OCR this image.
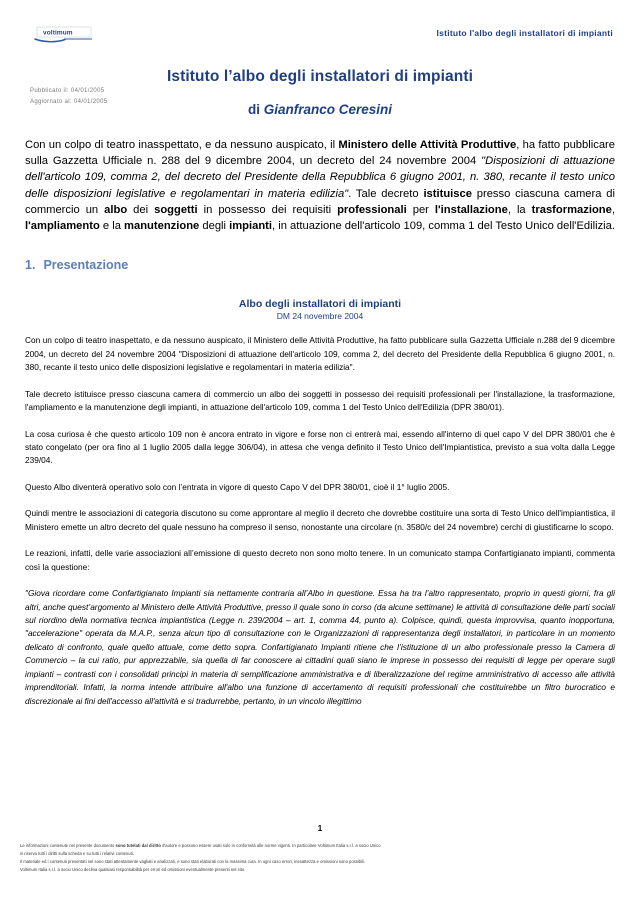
voltimum	Istituto l'albo degli installatori di impianti
Istituto l’albo degli installatori di impianti
di Gianfranco Ceresini
Pubblicato il: 04/01/2005
Aggiornato al: 04/01/2005
Con un colpo di teatro inasspettato, e da nessuno auspicato, il Ministero delle Attività Produttive, ha fatto pubblicare sulla Gazzetta Ufficiale n. 288 del 9 dicembre 2004, un decreto del 24 novembre 2004 "Disposizioni di attuazione dell'articolo 109, comma 2, del decreto del Presidente della Repubblica 6 giugno 2001, n. 380, recante il testo unico delle disposizioni legislative e regolamentari in materia edilizia". Tale decreto istituisce presso ciascuna camera di commercio un albo dei soggetti in possesso dei requisiti professionali per l'installazione, la trasformazione, l'ampliamento e la manutenzione degli impianti, in attuazione dell'articolo 109, comma 1 del Testo Unico dell'Edilizia.
1. Presentazione
Albo degli installatori di impianti
DM 24 novembre 2004

Con un colpo di teatro inaspettato, e da nessuno auspicato, il Ministero delle Attività Produttive, ha fatto pubblicare sulla Gazzetta Ufficiale n.288 del 9 dicembre 2004, un decreto del 24 novembre 2004 "Disposizioni di attuazione dell'articolo 109, comma 2, del decreto del Presidente della Repubblica 6 giugno 2001, n. 380, recante il testo unico delle disposizioni legislative e regolamentari in materia edilizia".

Tale decreto istituisce presso ciascuna camera di commercio un albo dei soggetti in possesso dei requisiti professionali per l'installazione, la trasformazione, l'ampliamento e la manutenzione degli impianti, in attuazione dell'articolo 109, comma 1 del Testo Unico dell'Edilizia (DPR 380/01).

La cosa curiosa è che questo articolo 109 non è ancora entrato in vigore e forse non ci entrerà mai, essendo all'interno di quel capo V del DPR 380/01 che è stato congelato (per ora fino al 1 luglio 2005 dalla legge 306/04), in attesa che venga definito il Testo Unico dell'Impiantistica, previsto a sua volta dalla Legge 239/04.

Questo Albo diventerà operativo solo con l’entrata in vigore di questo Capo V del DPR 380/01, cioè il 1° luglio 2005.

Quindi mentre le associazioni di categoria discutono su come approntare al meglio il decreto che dovrebbe costituire una sorta di Testo Unico dell'impiantistica, il Ministero emette un altro decreto del quale nessuno ha compreso il senso, nonostante una circolare (n. 3580/c del 24 novembre) cerchi di giustificarne lo scopo.

Le reazioni, infatti, delle varie associazioni all’emissione di questo decreto non sono molto tenere. In un comunicato stampa Confartigianato impianti, commenta così la questione:

"Giova ricordare come Confartigianato Impianti sia nettamente contraria all’Albo in questione. Essa ha tra l’altro rappresentato, proprio in questi giorni, fra gli altri, anche quest’argomento al Ministero delle Attività Produttive, presso il quale sono in corso (da alcune settimane) le attività di consultazione delle parti sociali sul riordino della normativa tecnica impiantistica (Legge n. 239/2004 – art. 1, comma 44, punto a). Colpisce, quindi, questa improvvisa, quanto inopportuna, "accelerazione" operata da M.A.P., senza alcun tipo di consultazione con le Organizzazioni di rappresentanza degli installatori, in particolare in un momento delicato di confronto, quale quello attuale, come detto sopra. Confartigianato Impianti ritiene che l’istituzione di un albo professionale presso la Camera di Commercio – la cui ratio, pur apprezzabile, sia quella di far conoscere ai cittadini quali siano le imprese in possesso dei requisiti di legge per operare sugli impianti – contrasti con i consolidati principi in materia di semplificazione amministrativa e di liberalizzazione del regime amministrativo di accesso alle attività imprenditoriali. Infatti, la norma intende attribuire all'albo una funzione di accertamento di requisiti professionali che costituirebbe un filtro burocratico e discrezionale ai fini dell'accesso all'attività e si tradurrebbe, pertanto, in un vincolo illegittimo

1
Le informazioni contenute nel presente documento sono tutelati dal diritto d'autore e possono essere usati solo in conformità alle norme vigenti. In particolare Voltimum Italia s.r.l. a socio Unico
si riserva tutti i diritti sulla scheda e su tutti i relativi contenuti.
Il materiale ed i contenuti presentati nel sono stati attentamente vagliati e analizzati, e sono stati elaborati con la massima cura. In ogni caso errori, inesattezza e omissioni sono possibili.
Voltimum Italia s.r.l. a socio Unico declina qualsiasi responsabilità per errori ed omissioni eventualmente presenti nel sito.
